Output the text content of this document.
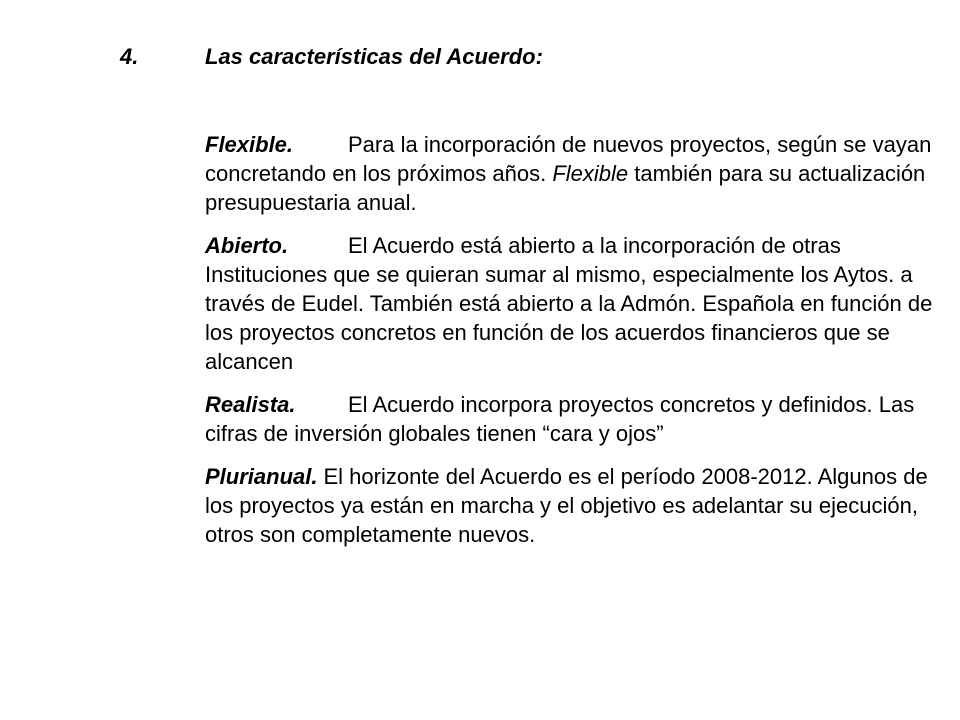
4.	Las características del Acuerdo:
Flexible. Para la incorporación de nuevos proyectos, según se vayan concretando en los próximos años. Flexible también para su actualización presupuestaria anual.
Abierto.	El Acuerdo está abierto a la incorporación de otras Instituciones que se quieran sumar al mismo, especialmente los Aytos. a través de Eudel. También está abierto a la Admón. Española en función de los proyectos concretos en función de los acuerdos financieros que se alcancen
Realista. El Acuerdo incorpora proyectos concretos y definidos. Las cifras de inversión globales tienen “cara y ojos”
Plurianual. El horizonte del Acuerdo es el período 2008-2012. Algunos de los proyectos ya están en marcha y el objetivo es adelantar su ejecución, otros son completamente nuevos.
